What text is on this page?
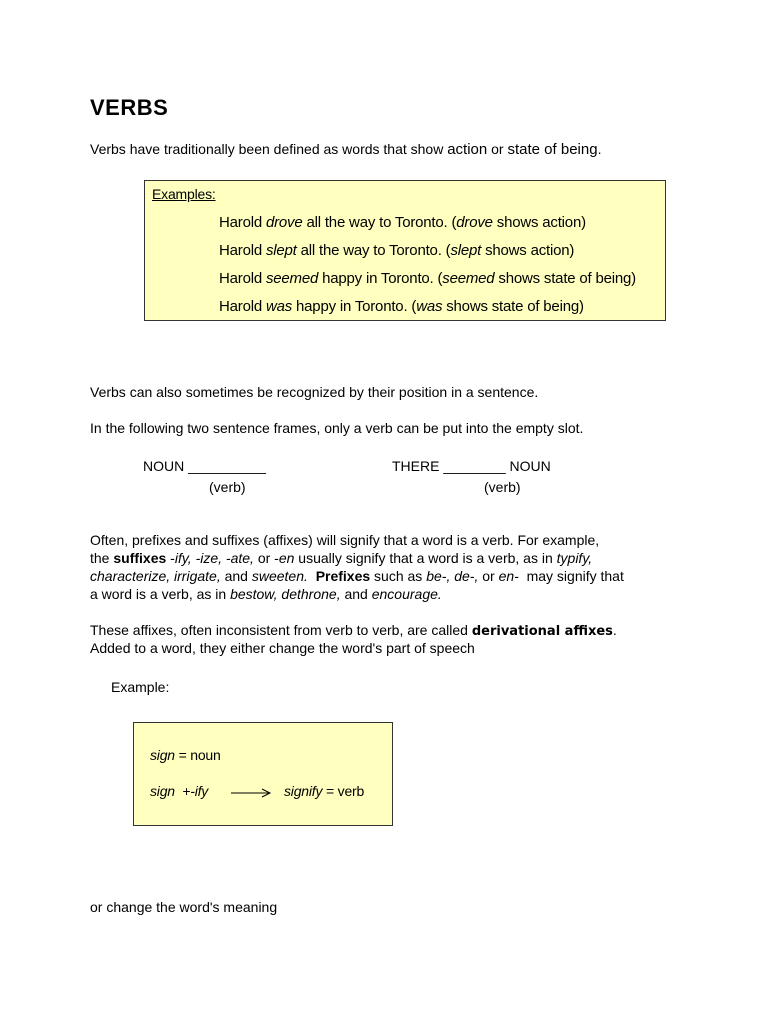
VERBS
Verbs have traditionally been defined as words that show action or state of being.
Examples:
Harold drove all the way to Toronto. (drove shows action)
Harold slept all the way to Toronto. (slept shows action)
Harold seemed happy in Toronto. (seemed shows state of being)
Harold was happy in Toronto. (was shows state of being)
Verbs can also sometimes be recognized by their position in a sentence.
In the following two sentence frames, only a verb can be put into the empty slot.
NOUN __________
(verb)
THERE ________ NOUN
(verb)
Often, prefixes and suffixes (affixes) will signify that a word is a verb. For example,
the suffixes -ify, -ize, -ate, or -en usually signify that a word is a verb, as in typify,
characterize, irrigate, and sweeten. Prefixes such as be-, de-, or en-  may signify that
a word is a verb, as in bestow, dethrone, and encourage.
These affixes, often inconsistent from verb to verb, are called derivational affixes.
Added to a word, they either change the word's part of speech
Example:
sign = noun
sign  +-ify	signify = verb
or change the word's meaning
